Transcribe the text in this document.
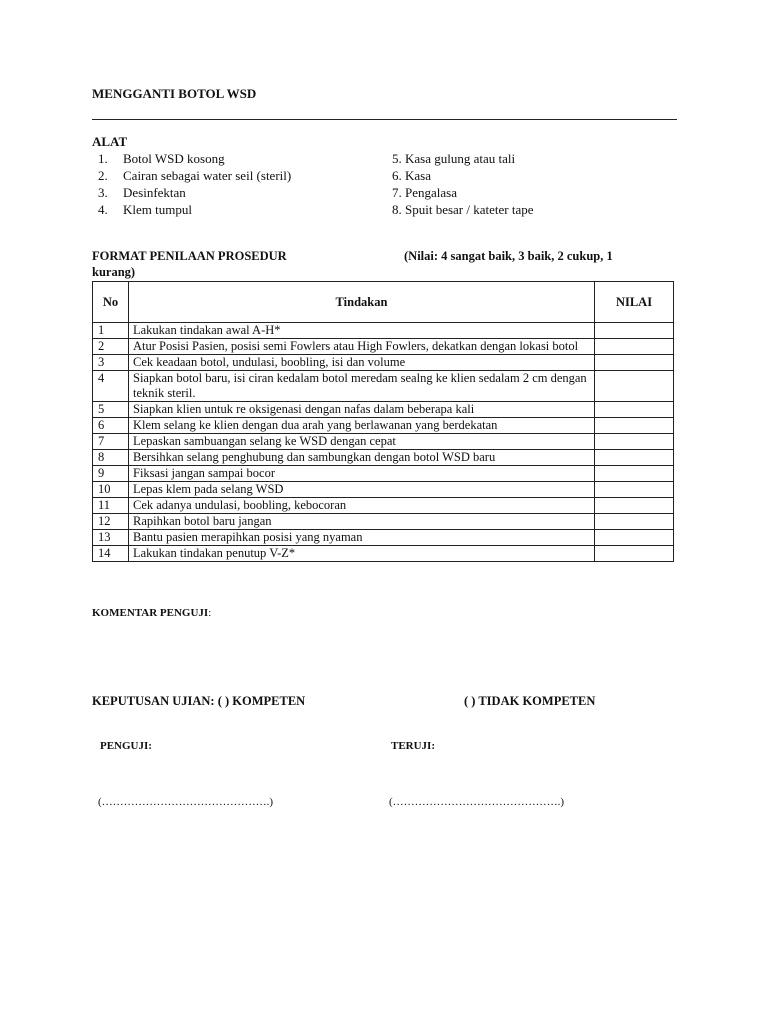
MENGGANTI BOTOL WSD
ALAT
1. Botol WSD kosong
2. Cairan sebagai water seil (steril)
3. Desinfektan
4. Klem tumpul
5. Kasa gulung atau tali
6. Kasa
7. Pengalasa
8. Spuit besar / kateter tape
FORMAT PENILAAN PROSEDUR	(Nilai: 4 sangat baik, 3 baik, 2 cukup, 1
kurang)
No	Tindakan	NILAI
1	Lakukan tindakan awal A-H*	
2	Atur Posisi Pasien, posisi semi Fowlers atau High Fowlers, dekatkan dengan lokasi botol	
3	Cek keadaan botol, undulasi, boobling, isi dan volume	
4	Siapkan botol baru, isi ciran kedalam botol meredam sealng ke klien sedalam 2 cm dengan teknik steril.	
5	Siapkan klien untuk re oksigenasi dengan nafas dalam beberapa kali	
6	Klem selang ke klien dengan dua arah yang berlawanan yang berdekatan	
7	Lepaskan sambuangan selang ke WSD dengan cepat	
8	Bersihkan selang penghubung dan sambungkan dengan botol WSD baru	
9	Fiksasi jangan sampai bocor	
10	Lepas klem pada selang WSD	
11	Cek adanya undulasi, boobling, kebocoran	
12	Rapihkan botol baru jangan	
13	Bantu pasien merapihkan posisi yang nyaman	
14	Lakukan tindakan penutup V-Z*	
KOMENTAR PENGUJI:
KEPUTUSAN UJIAN: ( ) KOMPETEN	( ) TIDAK KOMPETEN
PENGUJI:	TERUJI:
(……………………………………….)	(……………………………………….)
